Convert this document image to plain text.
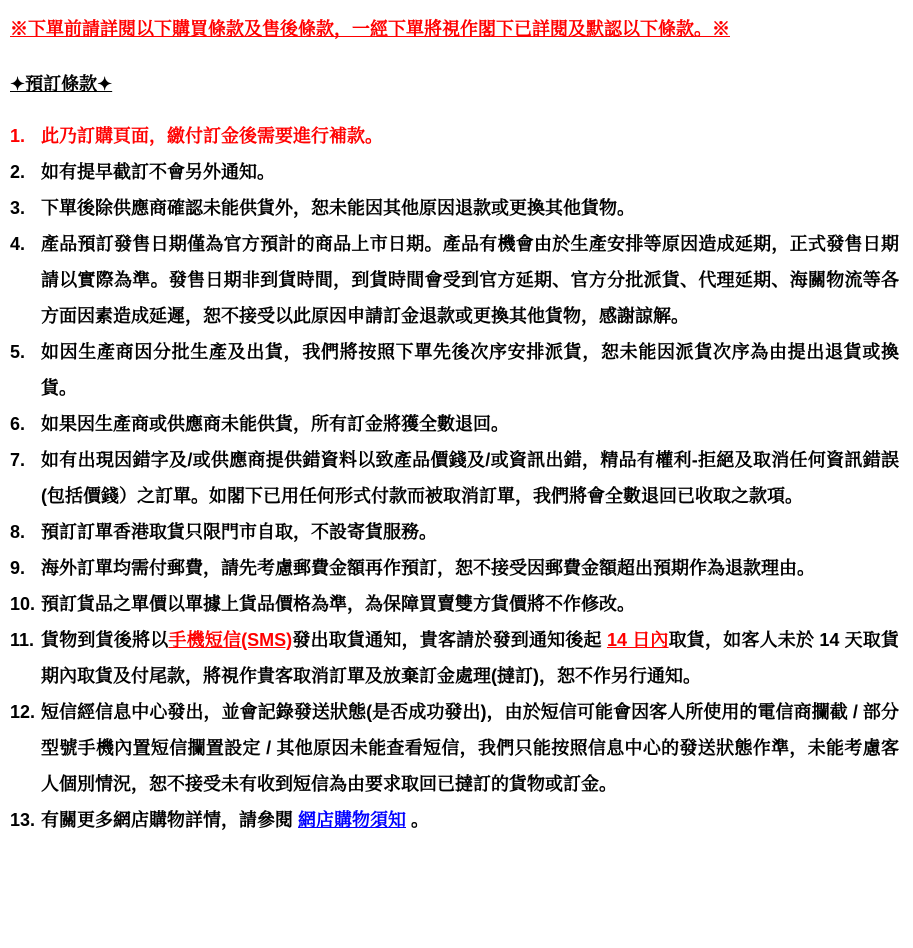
※下單前請詳閱以下購買條款及售後條款，一經下單將視作閣下已詳閱及默認以下條款。※
✦預訂條款✦
1. 此乃訂購頁面，繳付訂金後需要進行補款。
2. 如有提早截訂不會另外通知。
3. 下單後除供應商確認未能供貨外，恕未能因其他原因退款或更換其他貨物。
4. 產品預訂發售日期僅為官方預計的商品上市日期。產品有機會由於生產安排等原因造成延期，正式發售日期請以實際為準。發售日期非到貨時間，到貨時間會受到官方延期、官方分批派貨、代理延期、海關物流等各方面因素造成延遲，恕不接受以此原因申請訂金退款或更換其他貨物，感謝諒解。
5. 如因生產商因分批生產及出貨，我們將按照下單先後次序安排派貨，恕未能因派貨次序為由提出退貨或換貨。
6. 如果因生產商或供應商未能供貨，所有訂金將獲全數退回。
7. 如有出現因錯字及/或供應商提供錯資料以致產品價錢及/或資訊出錯，精品有權利-拒絕及取消任何資訊錯誤(包括價錢）之訂單。如閣下已用任何形式付款而被取消訂單，我們將會全數退回已收取之款項。
8. 預訂訂單香港取貨只限門市自取，不設寄貨服務。
9. 海外訂單均需付郵費，請先考慮郵費金額再作預訂，恕不接受因郵費金額超出預期作為退款理由。
10. 預訂貨品之單價以單據上貨品價格為準，為保障買賣雙方貨價將不作修改。
11. 貨物到貨後將以手機短信(SMS)發出取貨通知，貴客請於發到通知後起 14 日內取貨，如客人未於 14 天取貨期內取貨及付尾款，將視作貴客取消訂單及放棄訂金處理(撻訂)，恕不作另行通知。
12. 短信經信息中心發出，並會記錄發送狀態(是否成功發出)，由於短信可能會因客人所使用的電信商攔截 / 部分型號手機內置短信攔置設定 / 其他原因未能查看短信，我們只能按照信息中心的發送狀態作準，未能考慮客人個別情況，恕不接受未有收到短信為由要求取回已撻訂的貨物或訂金。
13. 有關更多網店購物詳情，請參閱 網店購物須知 。
